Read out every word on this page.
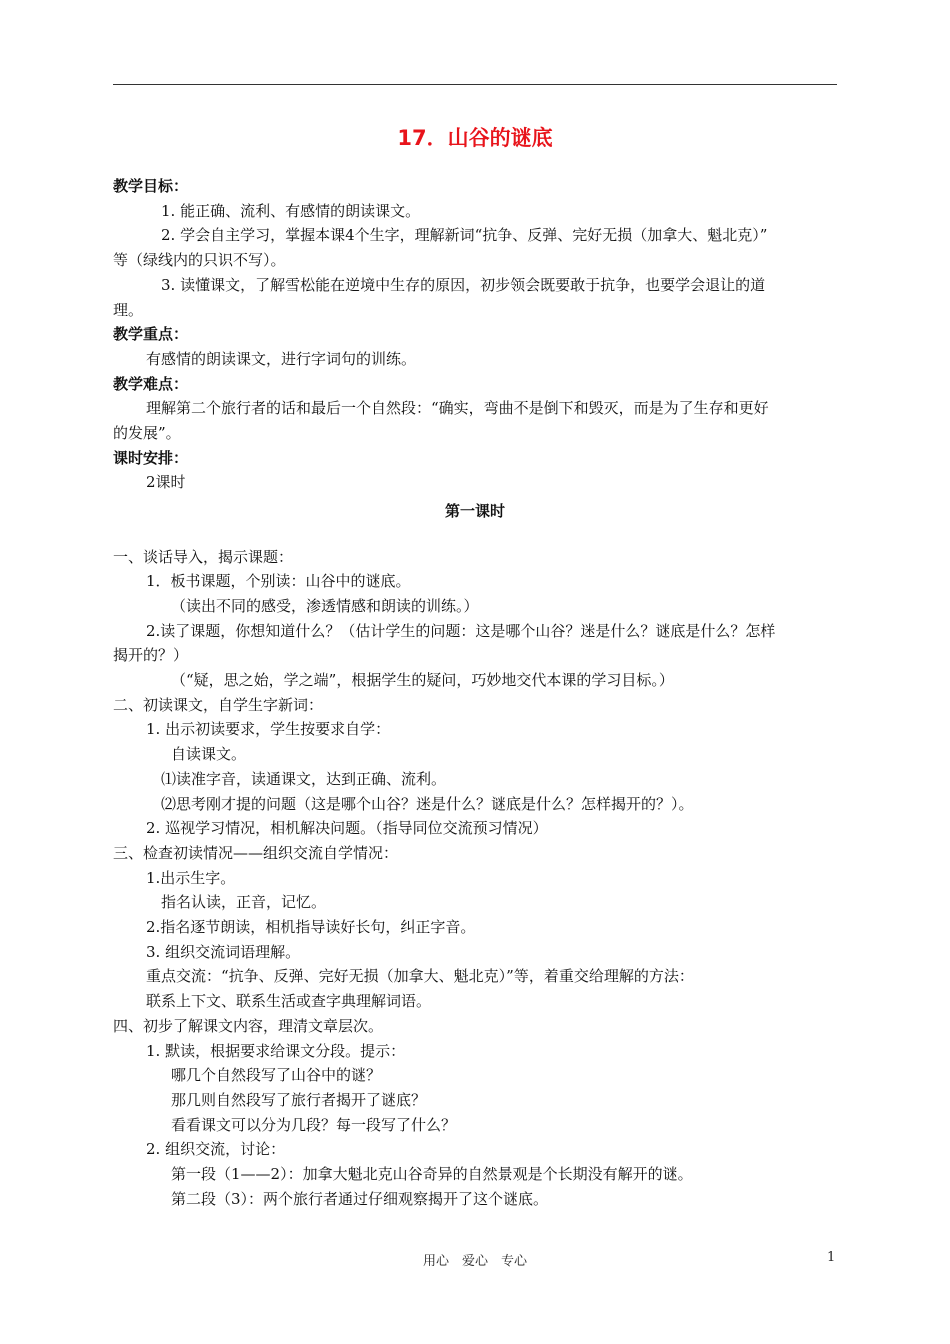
17．山谷的谜底
教学目标：
1. 能正确、流利、有感情的朗读课文。
2. 学会自主学习，掌握本课4个生字，理解新词“抗争、反弹、完好无损（加拿大、魁北克）”
等（绿线内的只识不写）。
3. 读懂课文，了解雪松能在逆境中生存的原因，初步领会既要敢于抗争，也要学会退让的道
理。
教学重点：
有感情的朗读课文，进行字词句的训练。
教学难点：
理解第二个旅行者的话和最后一个自然段：“确实，弯曲不是倒下和毁灭，而是为了生存和更好
的发展”。
课时安排：
2课时
第一课时
一、谈话导入，揭示课题：
1．板书课题，个别读：山谷中的谜底。
（读出不同的感受，渗透情感和朗读的训练。）
2.读了课题，你想知道什么？（估计学生的问题：这是哪个山谷？迷是什么？谜底是什么？怎样
揭开的？）
（“疑，思之始，学之端”，根据学生的疑问，巧妙地交代本课的学习目标。）
二、初读课文，自学生字新词：
1. 出示初读要求，学生按要求自学：
自读课文。
⑴读准字音，读通课文，达到正确、流利。
⑵思考刚才提的问题（这是哪个山谷？迷是什么？谜底是什么？怎样揭开的？）。
2. 巡视学习情况，相机解决问题。（指导同位交流预习情况）
三、检查初读情况——组织交流自学情况：
1.出示生字。
指名认读，正音，记忆。
2.指名逐节朗读，相机指导读好长句，纠正字音。
3. 组织交流词语理解。
重点交流：“抗争、反弹、完好无损（加拿大、魁北克）”等，着重交给理解的方法：
联系上下文、联系生活或查字典理解词语。
四、初步了解课文内容，理清文章层次。
1. 默读，根据要求给课文分段。提示：
哪几个自然段写了山谷中的谜？
那几则自然段写了旅行者揭开了谜底？
看看课文可以分为几段？每一段写了什么？
2. 组织交流，讨论：
第一段（1——2）：加拿大魁北克山谷奇异的自然景观是个长期没有解开的谜。
第二段（3）：两个旅行者通过仔细观察揭开了这个谜底。
用心　爱心　专心	1
